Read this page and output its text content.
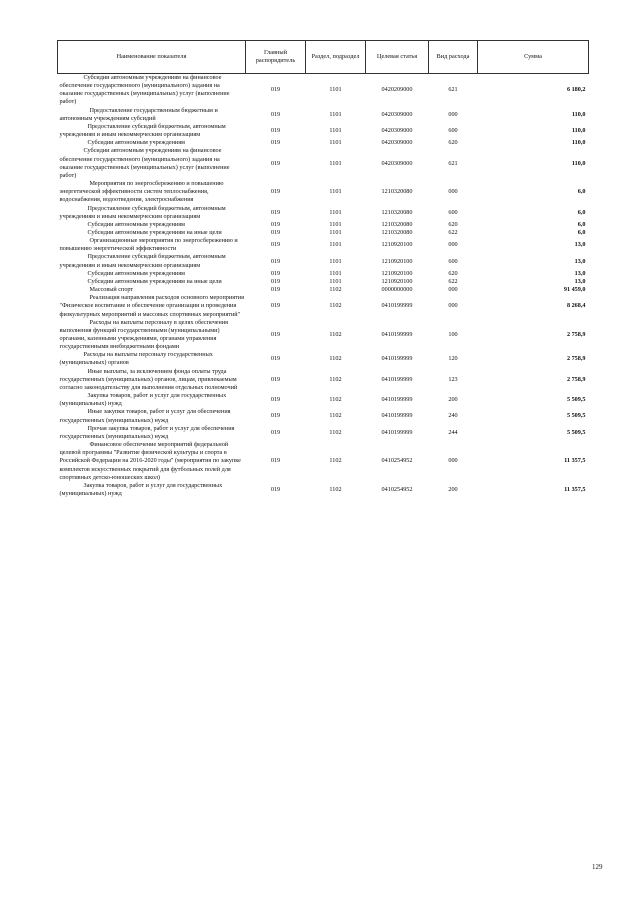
Наименование показателя	Главный распорядитель	Раздел, подраздел	Целевая статья	Вид расхода	Сумма
Субсидии автономным учреждениям на финансовое обеспечение государственного (муниципального) задания на оказание государственных (муниципальных) услуг (выполнение работ)	019	1101	0420209000	621	6 180,2
Предоставление государственным бюджетным и автономным учреждениям субсидий	019	1101	0420309000	000	110,0
Предоставление субсидий бюджетным, автономным учреждениям и иным некоммерческим организациям	019	1101	0420309000	600	110,0
Субсидии автономным учреждениям	019	1101	0420309000	620	110,0
Субсидии автономным учреждениям на финансовое обеспечение государственного (муниципального) задания на оказание государственных (муниципальных) услуг (выполнение работ)	019	1101	0420309000	621	110,0
Мероприятия по энергосбережению и повышению энергетической эффективности систем теплоснабжения, водоснабжения, водоотведения, электроснабжения	019	1101	1210320080	000	6,0
Предоставление субсидий бюджетным, автономным учреждениям и иным некоммерческим организациям	019	1101	1210320080	600	6,0
Субсидии автономным учреждениям	019	1101	1210320080	620	6,0
Субсидии автономным учреждениям на иные цели	019	1101	1210320080	622	6,0
Организационные мероприятия по энергосбережению и повышению энергетической эффективности	019	1101	1210920100	000	13,0
Предоставление субсидий бюджетным, автономным учреждениям и иным некоммерческим организациям	019	1101	1210920100	600	13,0
Субсидии автономным учреждениям	019	1101	1210920100	620	13,0
Субсидии автономным учреждениям на иные цели	019	1101	1210920100	622	13,0
Массовый спорт	019	1102	0000000000	000	91 459,0
Реализация направления расходов основного мероприятия "Физическое воспитание и обеспечение организации и проведения физкультурных мероприятий и массовых спортивных мероприятий"	019	1102	0410199999	000	8 268,4
Расходы на выплаты персоналу в целях обеспечения выполнения функций государственными (муниципальными) органами, казенными учреждениями, органами управления государственными внебюджетными фондами	019	1102	0410199999	100	2 758,9
Расходы на выплаты персоналу государственных (муниципальных) органов	019	1102	0410199999	120	2 758,9
Иные выплаты, за исключением фонда оплаты труда государственных (муниципальных) органов, лицам, привлекаемым согласно законодательству для выполнения отдельных полномочий	019	1102	0410199999	123	2 758,9
Закупка товаров, работ и услуг для государственных (муниципальных) нужд	019	1102	0410199999	200	5 509,5
Иные закупки товаров, работ и услуг для обеспечения государственных (муниципальных) нужд	019	1102	0410199999	240	5 509,5
Прочая закупка товаров, работ и услуг для обеспечения государственных (муниципальных) нужд	019	1102	0410199999	244	5 509,5
Финансовое обеспечение мероприятий федеральной целевой программы "Развитие физической культуры и спорта в Российской Федерации на 2016-2020 годы" (мероприятия по закупке комплектов искусственных покрытий для футбольных полей для спортивных детско-юношеских школ)	019	1102	0410254952	000	11 357,5
Закупка товаров, работ и услуг для государственных (муниципальных) нужд	019	1102	0410254952	200	11 357,5
129
